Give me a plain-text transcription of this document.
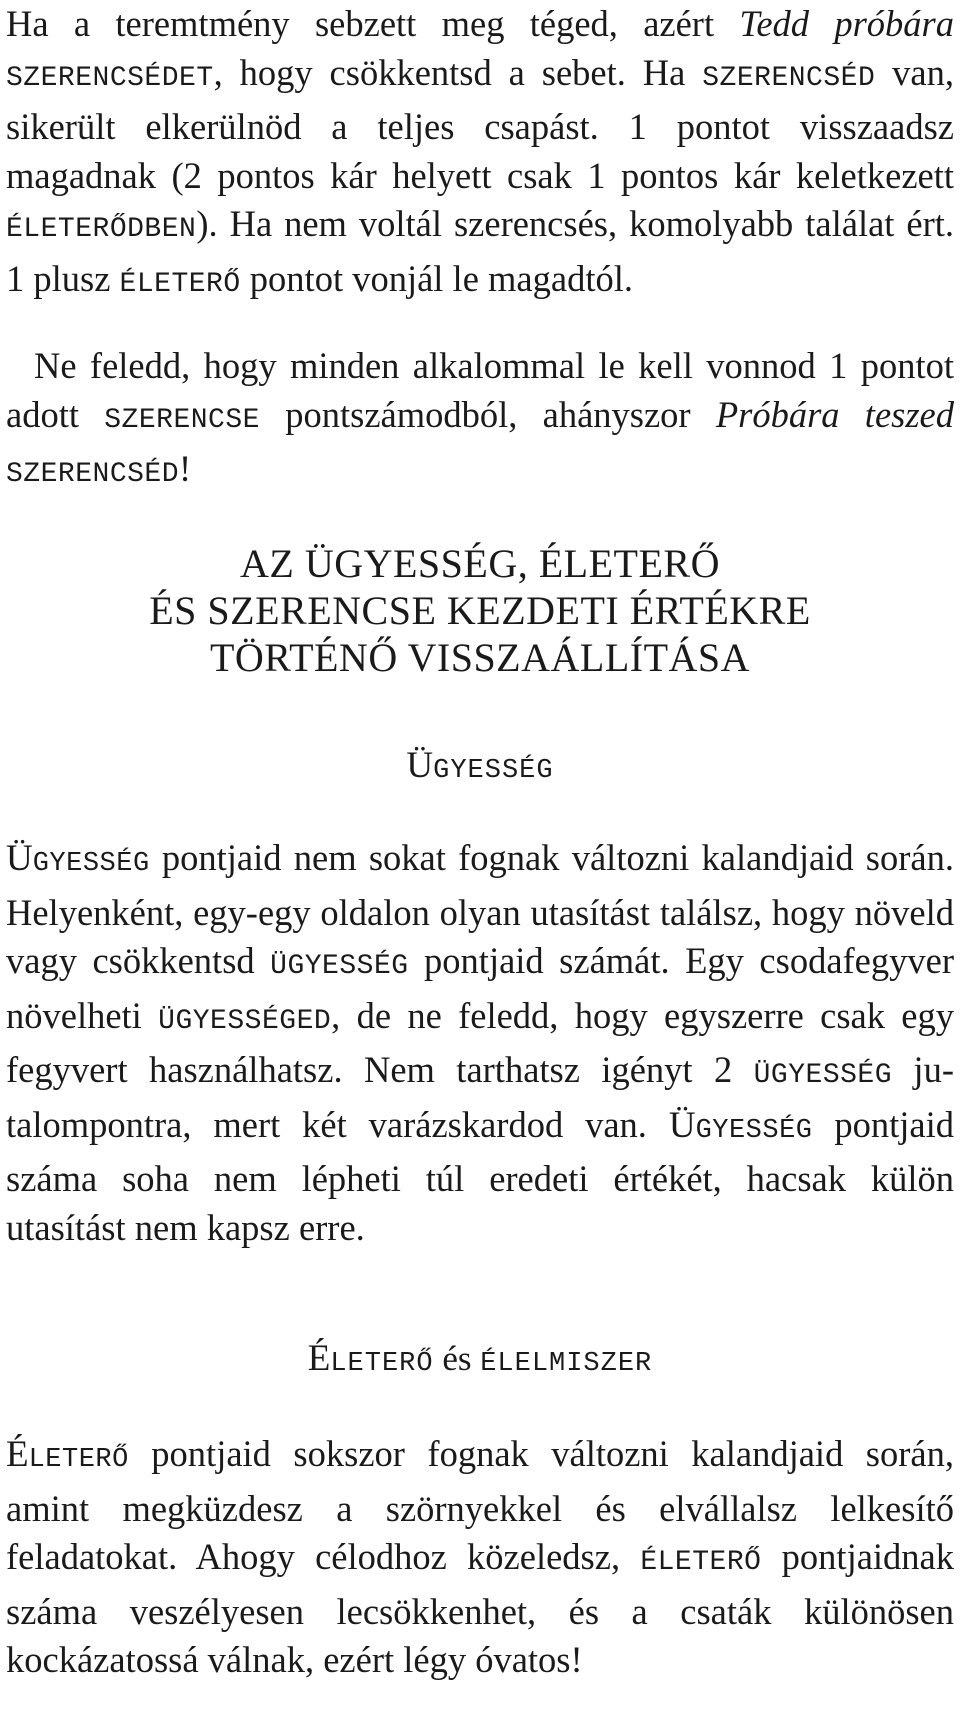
Ha a teremtmény sebzett meg téged, azért Tedd próbára SZERENCSÉDET, hogy csökkentsd a sebet. Ha SZERENCSÉD van, sikerült elkerülnöd a teljes csapást. 1 pontot visszaadsz magadnak (2 pontos kár helyett csak 1 pontos kár keletkezett ÉLETERŐDBEN). Ha nem voltál szerencsés, komolyabb találat ért. 1 plusz ÉLETERŐ pontot vonjál le magadtól.

Ne feledd, hogy minden alkalommal le kell vonnod 1 pontot adott SZERENCSE pontszámodból, ahányszor Próbára teszed SZERENCSÉD!

AZ ÜGYESSÉG, ÉLETERŐ
ÉS SZERENCSE KEZDETI ÉRTÉKRE
TÖRTÉNŐ VISSZAÁLLÍTÁSA
ÜGYESSÉG

ÜGYESSÉG pontjaid nem sokat fognak változni kalandjaid során. Helyenként, egy-egy oldalon olyan utasítást találsz, hogy növeld vagy csökkentsd ÜGYESSÉG pontjaid számát. Egy csodafegyver növelheti ÜGYESSÉGED, de ne feledd, hogy egyszerre csak egy fegyvert használhatsz. Nem tarthatsz igényt 2 ÜGYESSÉG jutalompontra, mert két varázskardod van. ÜGYESSÉG pontjaid száma soha nem lépheti túl eredeti értékét, hacsak külön utasítást nem kapsz erre.

ÉLETERŐ és ÉLELMISZER

ÉLETERŐ pontjaid sokszor fognak változni kalandjaid során, amint megküzdesz a szörnyekkel és elvállalsz lelkesítő feladatokat. Ahogy célodhoz közeledsz, ÉLETERŐ pontjaidnak száma veszélyesen lecsökkenhet, és a csaták különösen kockázatossá válnak, ezért légy óvatos!
